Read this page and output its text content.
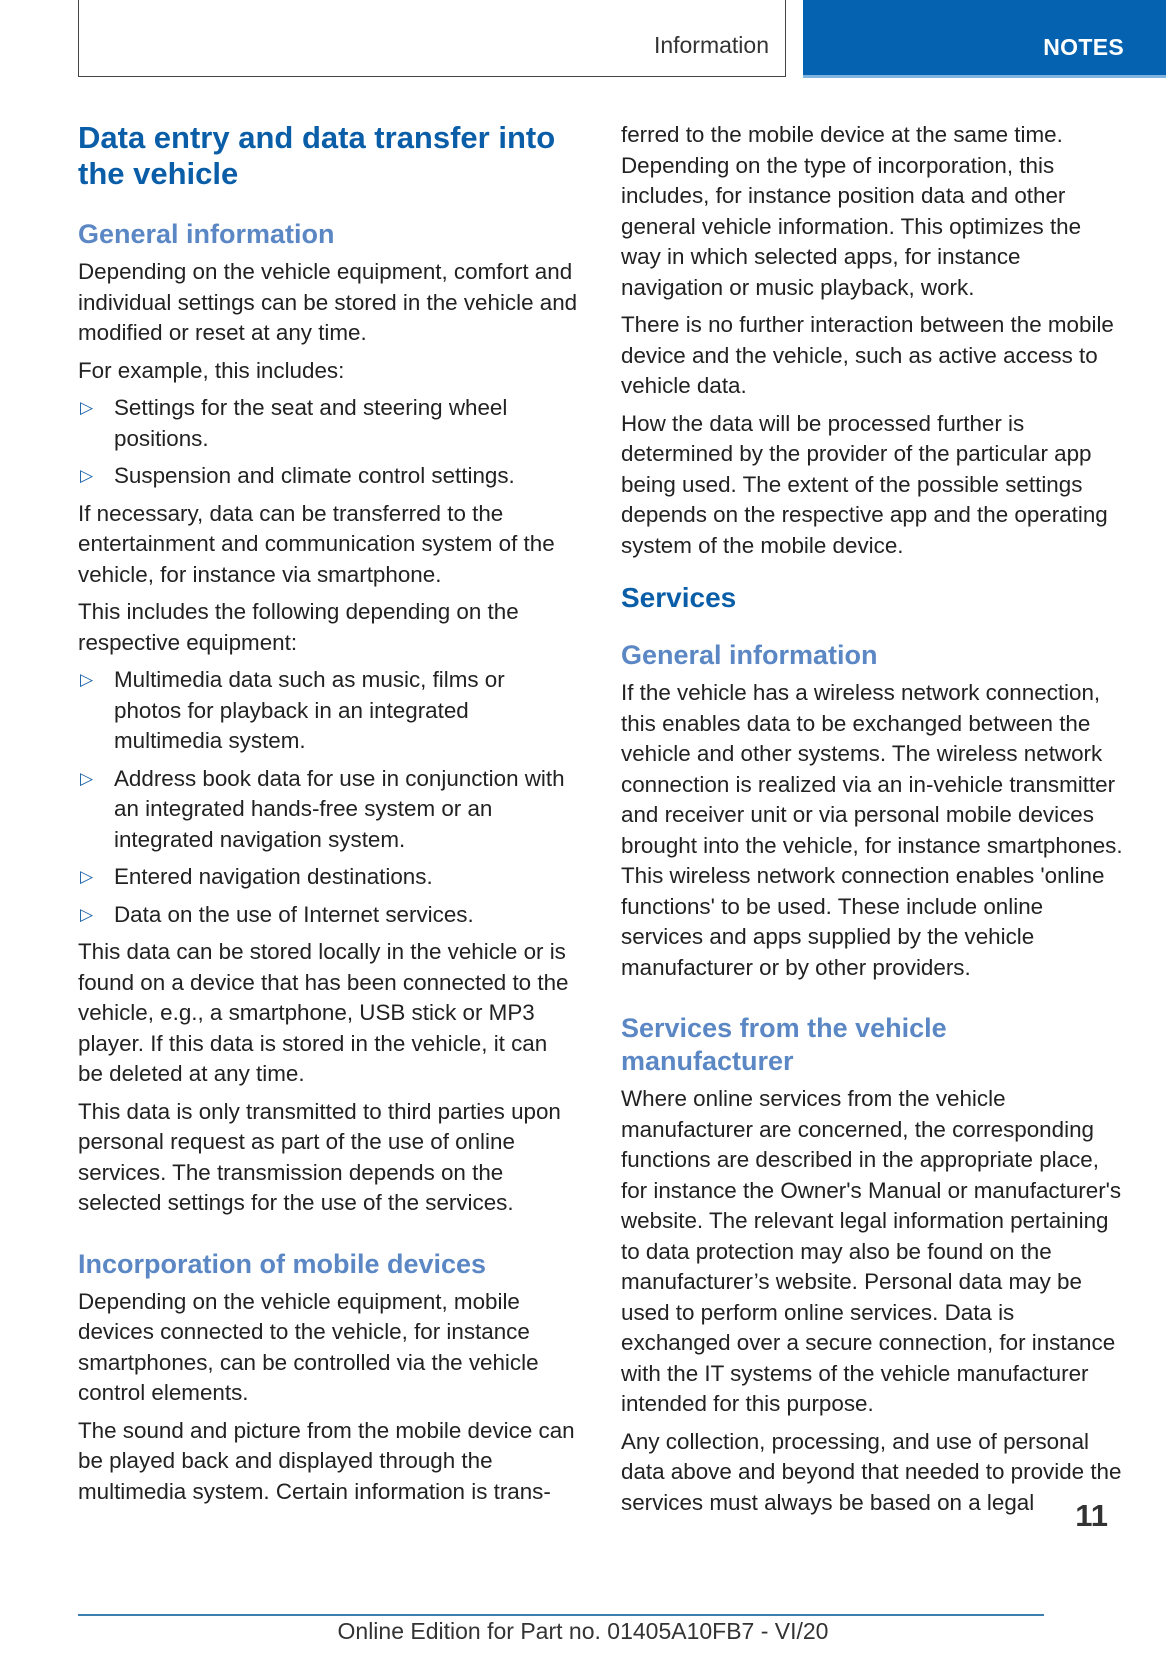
Information	NOTES
Data entry and data transfer into the vehicle
General information

Depending on the vehicle equipment, comfort and individual settings can be stored in the vehicle and modified or reset at any time.

For example, this includes:

▷ Settings for the seat and steering wheel positions.
▷ Suspension and climate control settings.

If necessary, data can be transferred to the entertainment and communication system of the vehicle, for instance via smartphone.

This includes the following depending on the respective equipment:

▷ Multimedia data such as music, films or photos for playback in an integrated multimedia system.
▷ Address book data for use in conjunction with an integrated hands-free system or an integrated navigation system.
▷ Entered navigation destinations.
▷ Data on the use of Internet services.

This data can be stored locally in the vehicle or is found on a device that has been connected to the vehicle, e.g., a smartphone, USB stick or MP3 player. If this data is stored in the vehicle, it can be deleted at any time.

This data is only transmitted to third parties upon personal request as part of the use of online services. The transmission depends on the selected settings for the use of the services.

Incorporation of mobile devices

Depending on the vehicle equipment, mobile devices connected to the vehicle, for instance smartphones, can be controlled via the vehicle control elements.

The sound and picture from the mobile device can be played back and displayed through the multimedia system. Certain information is trans-

ferred to the mobile device at the same time. Depending on the type of incorporation, this includes, for instance position data and other general vehicle information. This optimizes the way in which selected apps, for instance navigation or music playback, work.

There is no further interaction between the mobile device and the vehicle, such as active access to vehicle data.

How the data will be processed further is determined by the provider of the particular app being used. The extent of the possible settings depends on the respective app and the operating system of the mobile device.

Services
General information

If the vehicle has a wireless network connection, this enables data to be exchanged between the vehicle and other systems. The wireless network connection is realized via an in-vehicle transmitter and receiver unit or via personal mobile devices brought into the vehicle, for instance smartphones. This wireless network connection enables 'online functions' to be used. These include online services and apps supplied by the vehicle manufacturer or by other providers.

Services from the vehicle manufacturer

Where online services from the vehicle manufacturer are concerned, the corresponding functions are described in the appropriate place, for instance the Owner's Manual or manufacturer's website. The relevant legal information pertaining to data protection may also be found on the manufacturer’s website. Personal data may be used to perform online services. Data is exchanged over a secure connection, for instance with the IT systems of the vehicle manufacturer intended for this purpose.

Any collection, processing, and use of personal data above and beyond that needed to provide the services must always be based on a legal	11
Online Edition for Part no. 01405A10FB7 - VI/20
